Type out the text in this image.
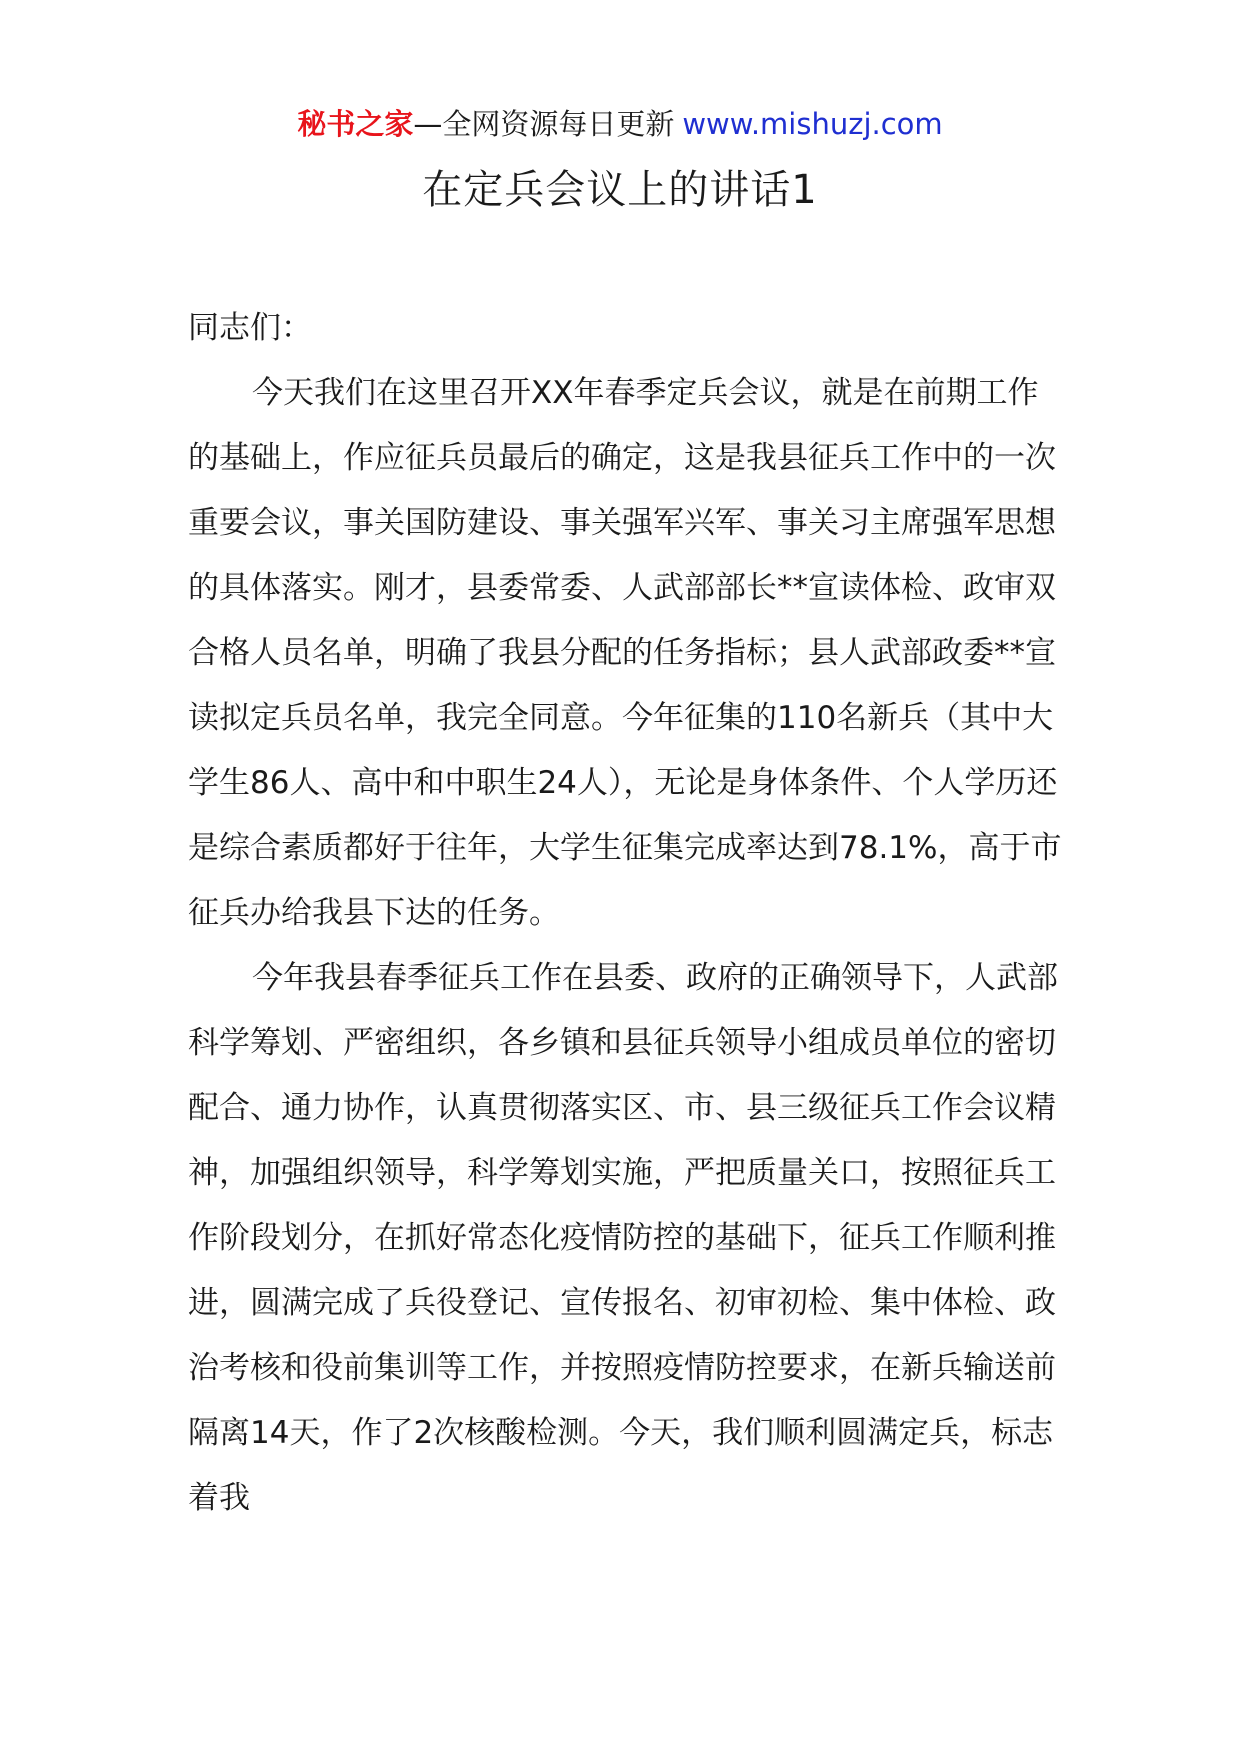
秘书之家—全网资源每日更新 www.mishuzj.com
在定兵会议上的讲话1

同志们：

今天我们在这里召开XX年春季定兵会议，就是在前期工作的基础上，作应征兵员最后的确定，这是我县征兵工作中的一次重要会议，事关国防建设、事关强军兴军、事关习主席强军思想的具体落实。刚才，县委常委、人武部部长**宣读体检、政审双合格人员名单，明确了我县分配的任务指标；县人武部政委**宣读拟定兵员名单，我完全同意。今年征集的110名新兵（其中大学生86人、高中和中职生24人），无论是身体条件、个人学历还是综合素质都好于往年，大学生征集完成率达到78.1%，高于市征兵办给我县下达的任务。

今年我县春季征兵工作在县委、政府的正确领导下，人武部科学筹划、严密组织，各乡镇和县征兵领导小组成员单位的密切配合、通力协作，认真贯彻落实区、市、县三级征兵工作会议精神，加强组织领导，科学筹划实施，严把质量关口，按照征兵工作阶段划分，在抓好常态化疫情防控的基础下，征兵工作顺利推进，圆满完成了兵役登记、宣传报名、初审初检、集中体检、政治考核和役前集训等工作，并按照疫情防控要求，在新兵输送前隔离14天，作了2次核酸检测。今天，我们顺利圆满定兵，标志着我
